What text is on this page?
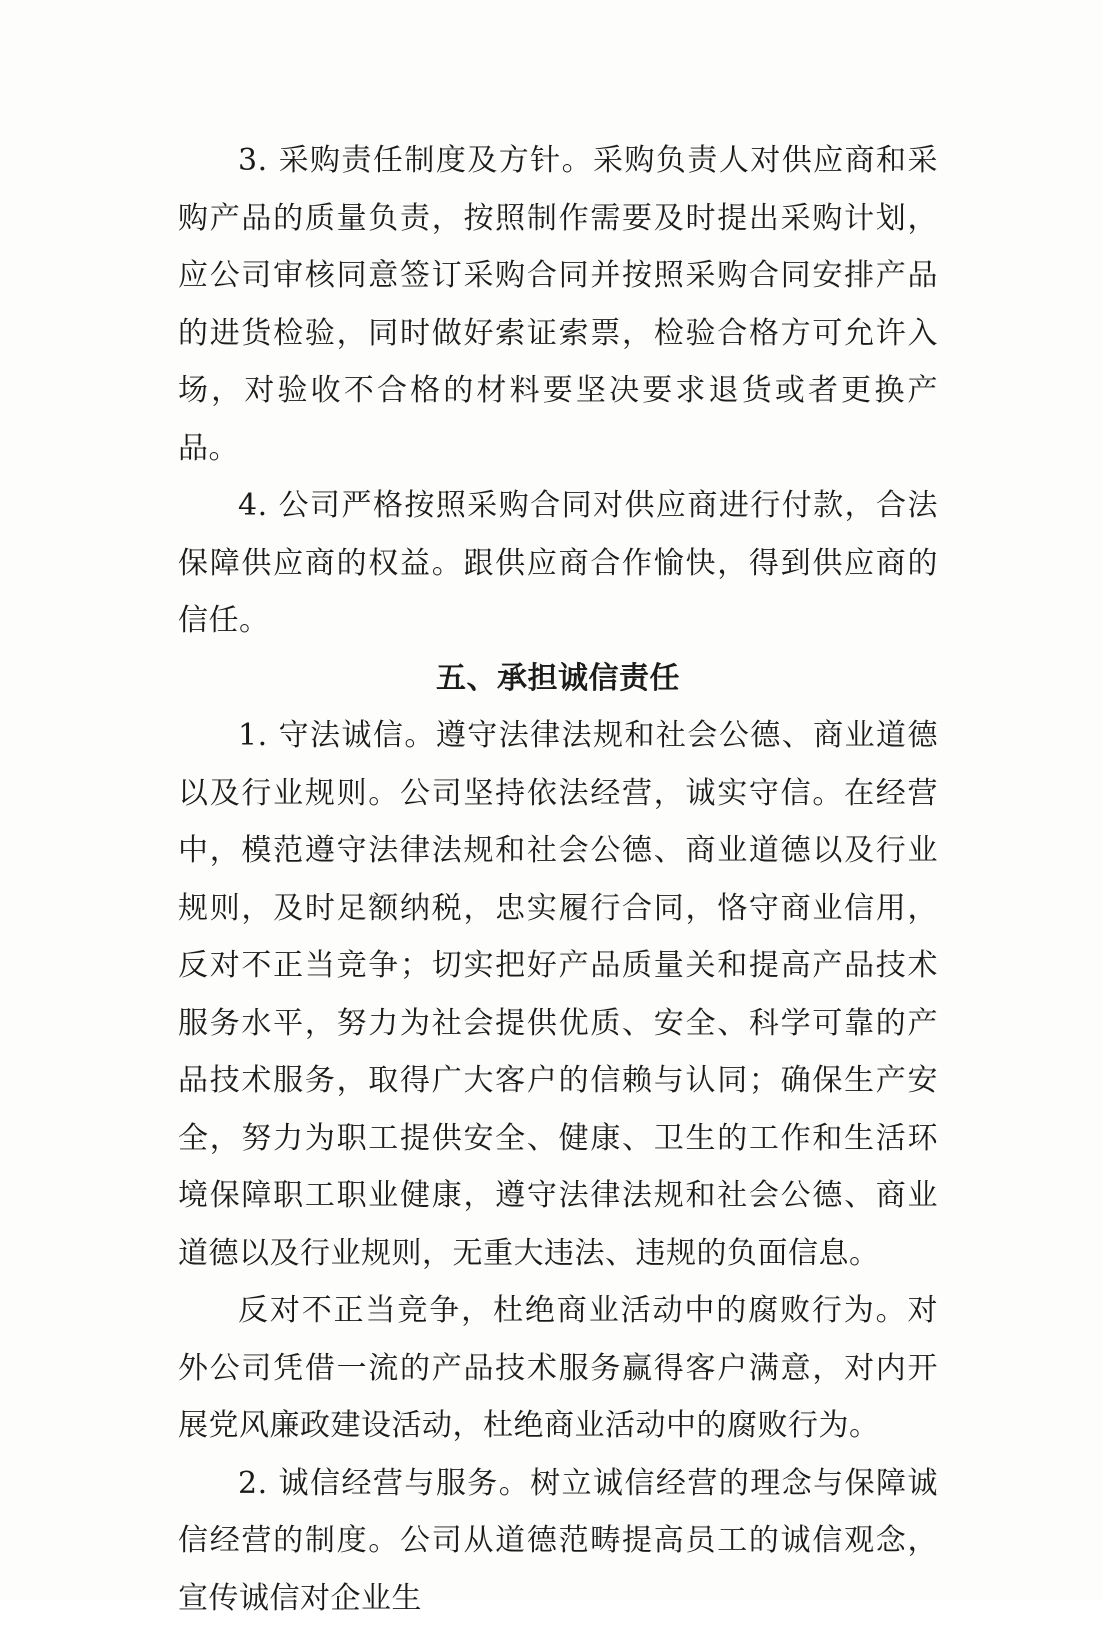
3. 采购责任制度及方针。采购负责人对供应商和采购产品的质量负责，按照制作需要及时提出采购计划，应公司审核同意签订采购合同并按照采购合同安排产品的进货检验，同时做好索证索票，检验合格方可允许入场，对验收不合格的材料要坚决要求退货或者更换产品。

4. 公司严格按照采购合同对供应商进行付款，合法保障供应商的权益。跟供应商合作愉快，得到供应商的信任。

五、承担诚信责任

1. 守法诚信。遵守法律法规和社会公德、商业道德以及行业规则。公司坚持依法经营，诚实守信。在经营中，模范遵守法律法规和社会公德、商业道德以及行业规则，及时足额纳税，忠实履行合同，恪守商业信用，反对不正当竞争；切实把好产品质量关和提高产品技术服务水平，努力为社会提供优质、安全、科学可靠的产品技术服务，取得广大客户的信赖与认同；确保生产安全，努力为职工提供安全、健康、卫生的工作和生活环境保障职工职业健康，遵守法律法规和社会公德、商业道德以及行业规则，无重大违法、违规的负面信息。

反对不正当竞争，杜绝商业活动中的腐败行为。对外公司凭借一流的产品技术服务赢得客户满意，对内开展党风廉政建设活动，杜绝商业活动中的腐败行为。

2. 诚信经营与服务。树立诚信经营的理念与保障诚信经营的制度。公司从道德范畴提高员工的诚信观念，宣传诚信对企业生
